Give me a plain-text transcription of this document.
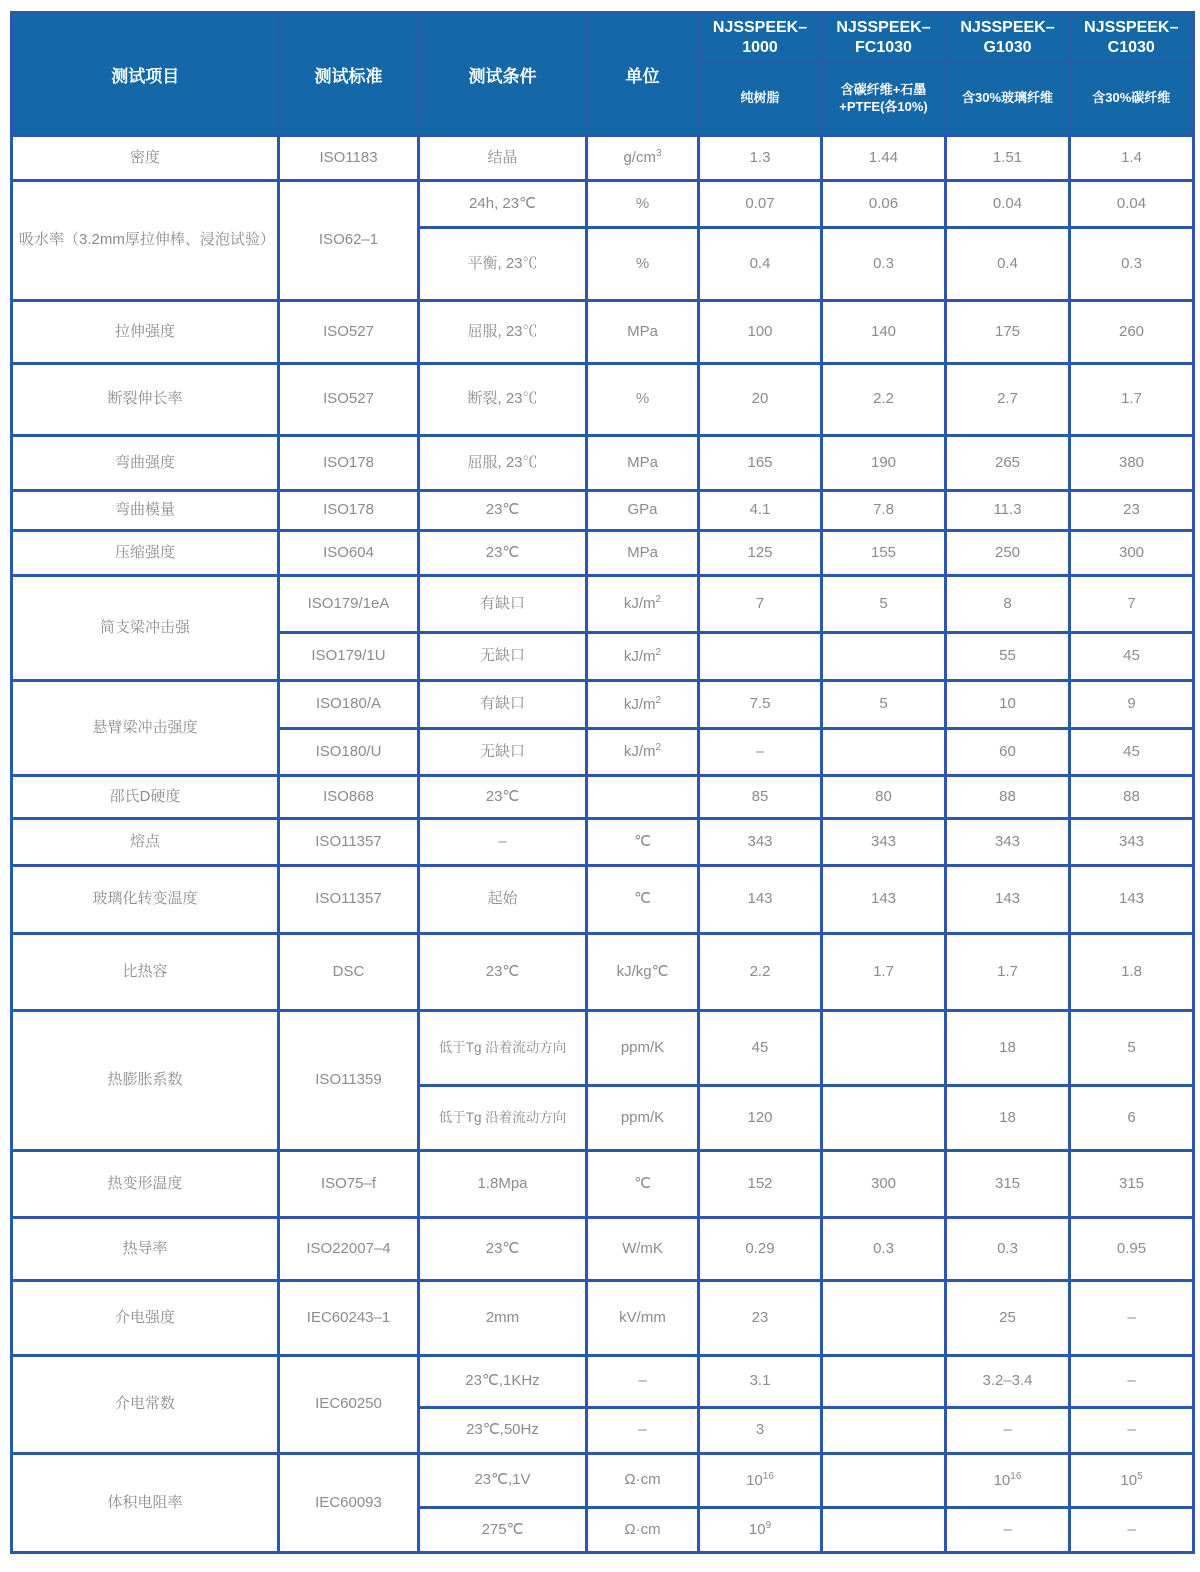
测试项目	测试标准	测试条件	单位	NJSSPEEK–1000	NJSSPEEK–FC1030	NJSSPEEK–G1030	NJSSPEEK–C1030
				纯树脂	含碳纤维+石墨+PTFE(各10%)	含30%玻璃纤维	含30%碳纤维
密度	ISO1183	结晶	$g/cm^3$	1.3	1.44	1.51	1.4
吸水率（3.2mm厚拉伸棒、浸泡试验）	ISO62–1	24h, 23℃	%	0.07	0.06	0.04	0.04
		平衡, 23℃	%	0.4	0.3	0.4	0.3
拉伸强度	ISO527	屈服, 23℃	MPa	100	140	175	260
断裂伸长率	ISO527	断裂, 23℃	%	20	2.2	2.7	1.7
弯曲强度	ISO178	屈服, 23℃	MPa	165	190	265	380
弯曲模量	ISO178	23℃	GPa	4.1	7.8	11.3	23
压缩强度	ISO604	23℃	MPa	125	155	250	300
简支梁冲击强	ISO179/1eA	有缺口	$kJ/m^2$	7	5	8	7
	ISO179/1U	无缺口	$kJ/m^2$			55	45
悬臂梁冲击强度	ISO180/A	有缺口	$kJ/m^2$	7.5	5	10	9
	ISO180/U	无缺口	$kJ/m^2$	–		60	45
邵氏D硬度	ISO868	23℃		85	80	88	88
熔点	ISO11357	–	℃	343	343	343	343
玻璃化转变温度	ISO11357	起始	℃	143	143	143	143
比热容	DSC	23℃	kJ/kg℃	2.2	1.7	1.7	1.8
热膨胀系数	ISO11359	低于Tg 沿着流动方向	ppm/K	45		18	5
		低于Tg 沿着流动方向	ppm/K	120		18	6
热变形温度	ISO75–f	1.8Mpa	℃	152	300	315	315
热导率	ISO22007–4	23℃	W/mK	0.29	0.3	0.3	0.95
介电强度	IEC60243–1	2mm	kV/mm	23		25	–
介电常数	IEC60250	23℃,1KHz	–	3.1		3.2–3.4	–
		23℃,50Hz	–	3		–	–
体积电阻率	IEC60093	23℃,1V	Ω·cm	$10^{16}$		$10^{16}$	$10^5$
		275℃	Ω·cm	$10^9$		–	–
